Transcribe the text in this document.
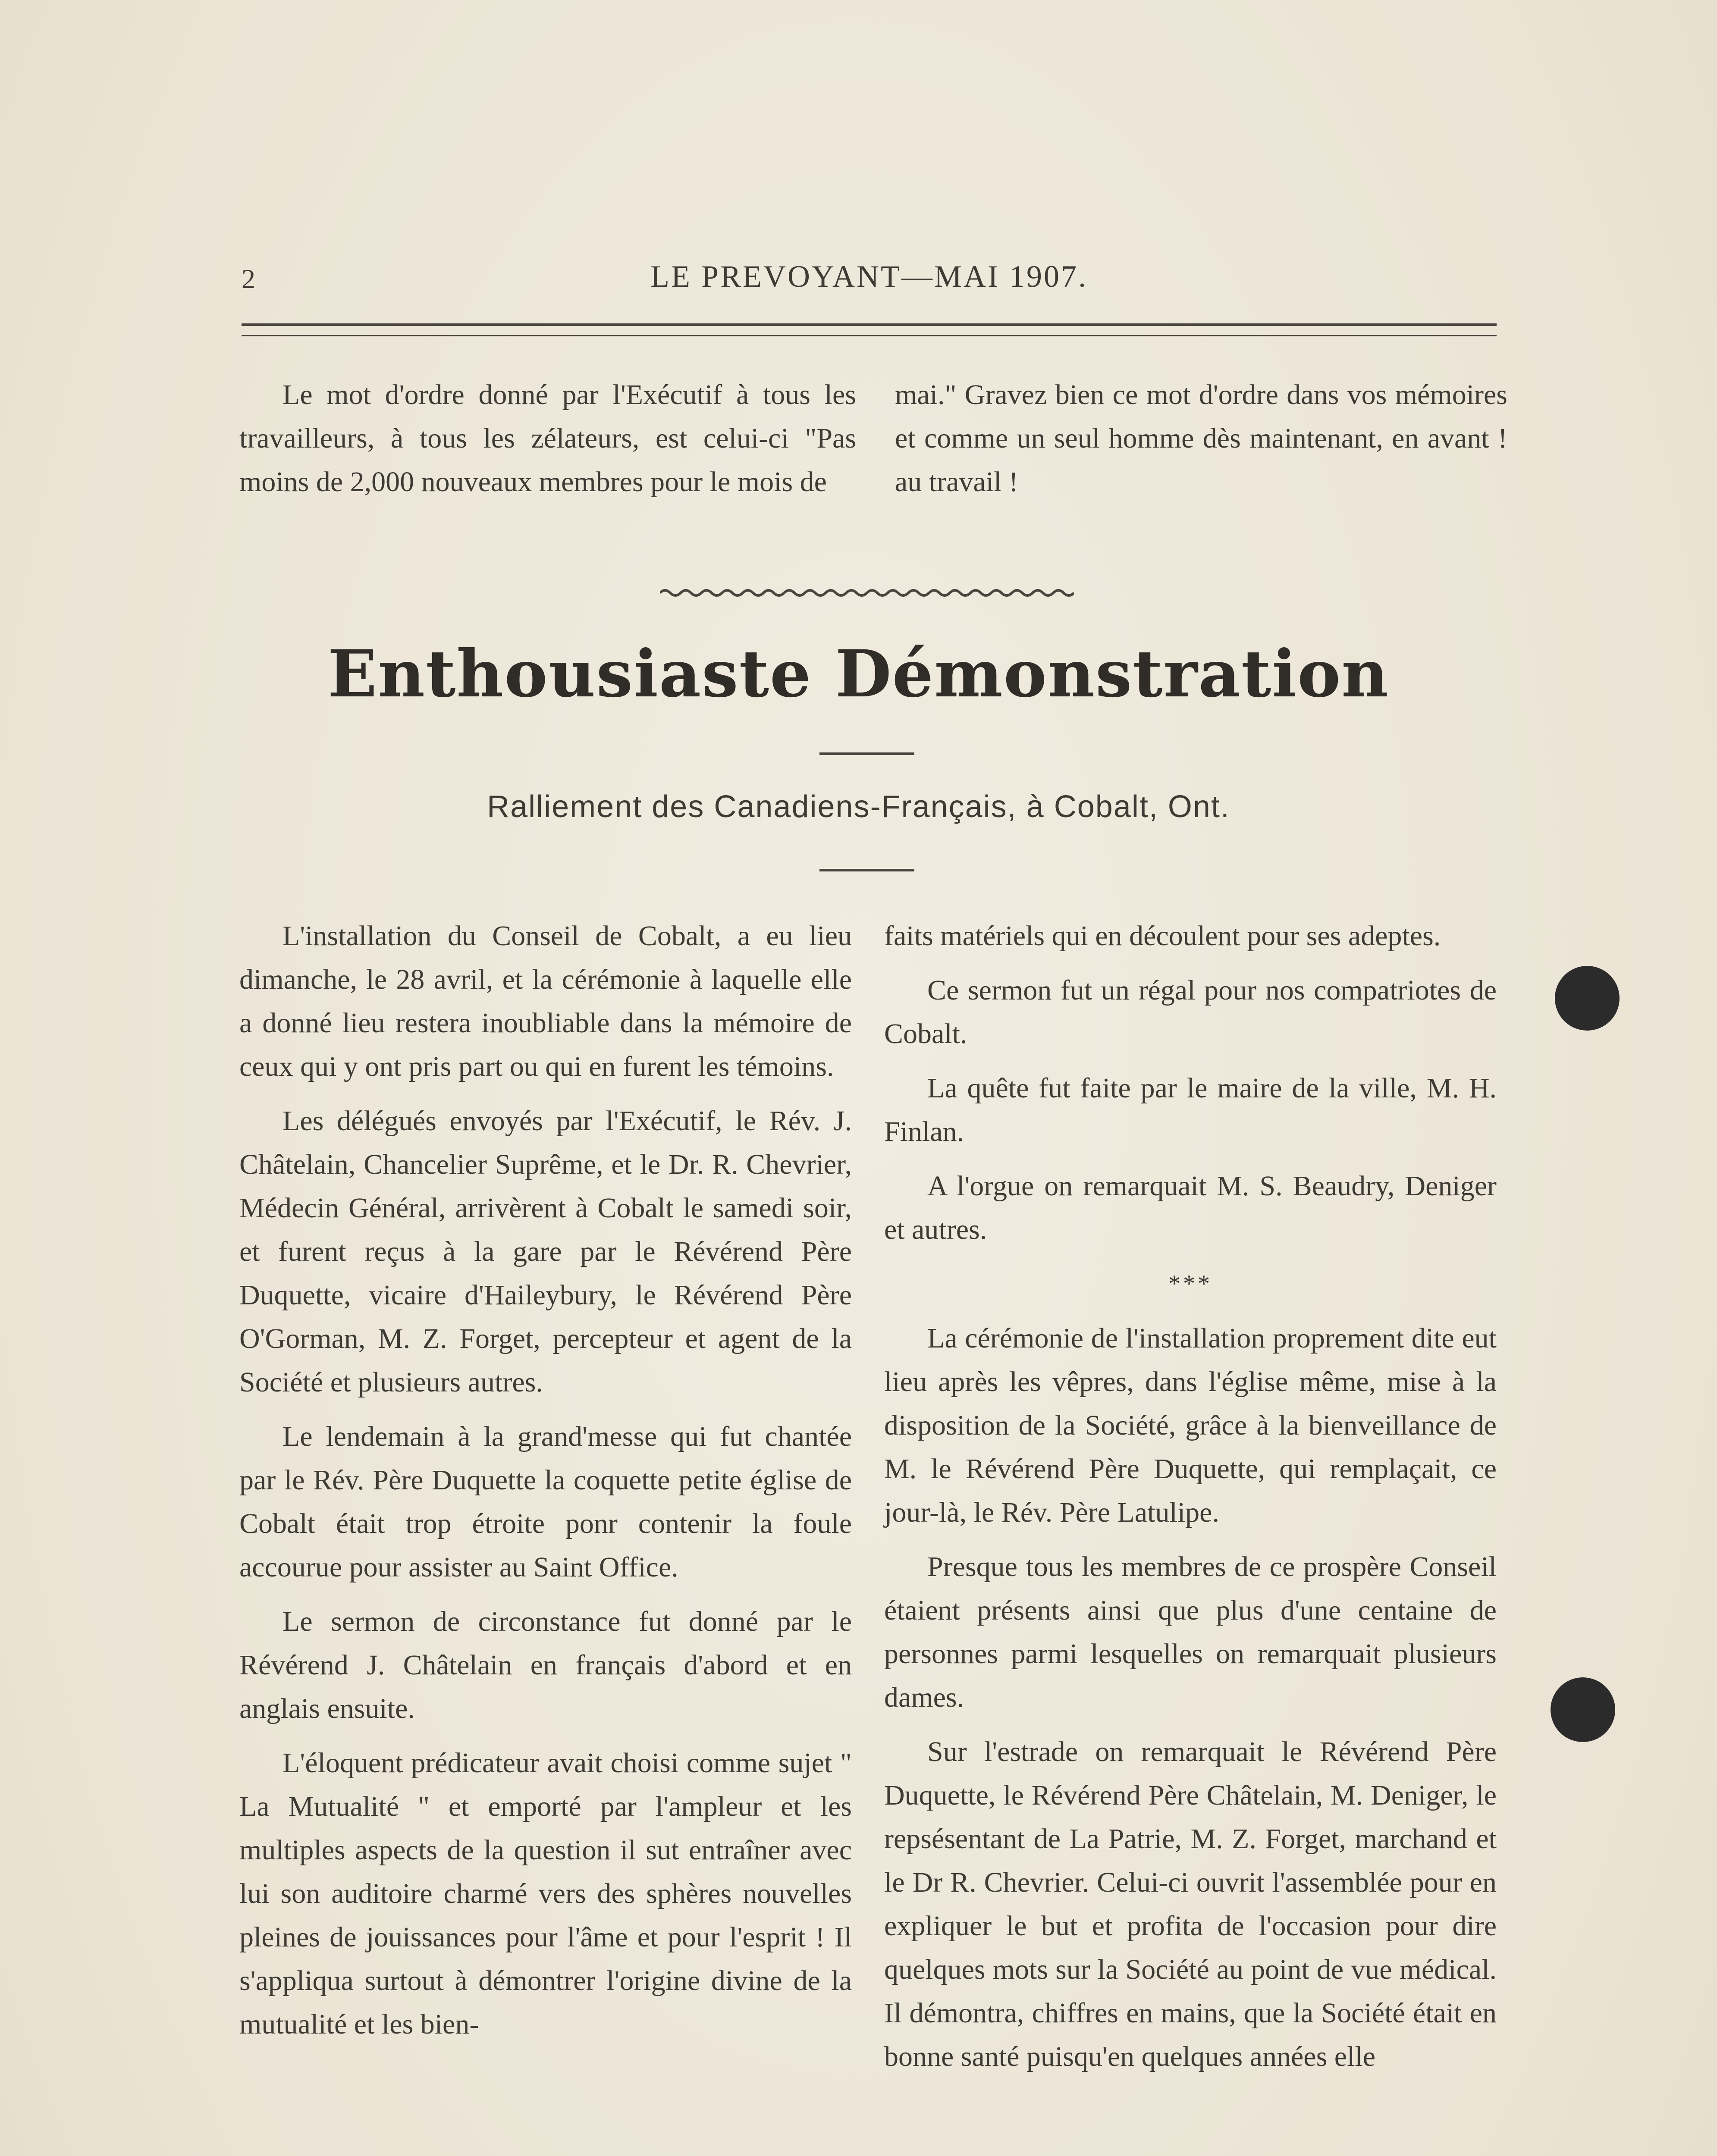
2	LE PREVOYANT—MAI 1907.

Le mot d'ordre donné par l'Exécutif à tous les travailleurs, à tous les zélateurs, est celui-ci "Pas moins de 2,000 nouveaux membres pour le mois de

mai." Gravez bien ce mot d'ordre dans vos mémoires et comme un seul homme dès maintenant, en avant ! au travail !

Enthousiaste Démonstration
Ralliement des Canadiens-Français, à Cobalt, Ont.

L'installation du Conseil de Cobalt, a eu lieu dimanche, le 28 avril, et la cérémonie à laquelle elle a donné lieu restera inoubliable dans la mémoire de ceux qui y ont pris part ou qui en furent les témoins.

Les délégués envoyés par l'Exécutif, le Rév. J. Châtelain, Chancelier Suprême, et le Dr. R. Chevrier, Médecin Général, arrivèrent à Cobalt le samedi soir, et furent reçus à la gare par le Révérend Père Duquette, vicaire d'Haileybury, le Révérend Père O'Gorman, M. Z. Forget, percepteur et agent de la Société et plusieurs autres.

Le lendemain à la grand'messe qui fut chantée par le Rév. Père Duquette la coquette petite église de Cobalt était trop étroite ponr contenir la foule accourue pour assister au Saint Office.

Le sermon de circonstance fut donné par le Révérend J. Châtelain en français d'abord et en anglais ensuite.

L'éloquent prédicateur avait choisi comme sujet " La Mutualité " et emporté par l'ampleur et les multiples aspects de la question il sut entraîner avec lui son auditoire charmé vers des sphères nouvelles pleines de jouissances pour l'âme et pour l'esprit ! Il s'appliqua surtout à démontrer l'origine divine de la mutualité et les bien-

faits matériels qui en découlent pour ses adeptes.

Ce sermon fut un régal pour nos compatriotes de Cobalt.

La quête fut faite par le maire de la ville, M. H. Finlan.

A l'orgue on remarquait M. S. Beaudry, Deniger et autres.

***

La cérémonie de l'installation proprement dite eut lieu après les vêpres, dans l'église même, mise à la disposition de la Société, grâce à la bienveillance de M. le Révérend Père Duquette, qui remplaçait, ce jour-là, le Rév. Père Latulipe.

Presque tous les membres de ce prospère Conseil étaient présents ainsi que plus d'une centaine de personnes parmi lesquelles on remarquait plusieurs dames.

Sur l'estrade on remarquait le Révérend Père Duquette, le Révérend Père Châtelain, M. Deniger, le repsésentant de La Patrie, M. Z. Forget, marchand et le Dr R. Chevrier. Celui-ci ouvrit l'assemblée pour en expliquer le but et profita de l'occasion pour dire quelques mots sur la Société au point de vue médical. Il démontra, chiffres en mains, que la Société était en bonne santé puisqu'en quelques années elle
